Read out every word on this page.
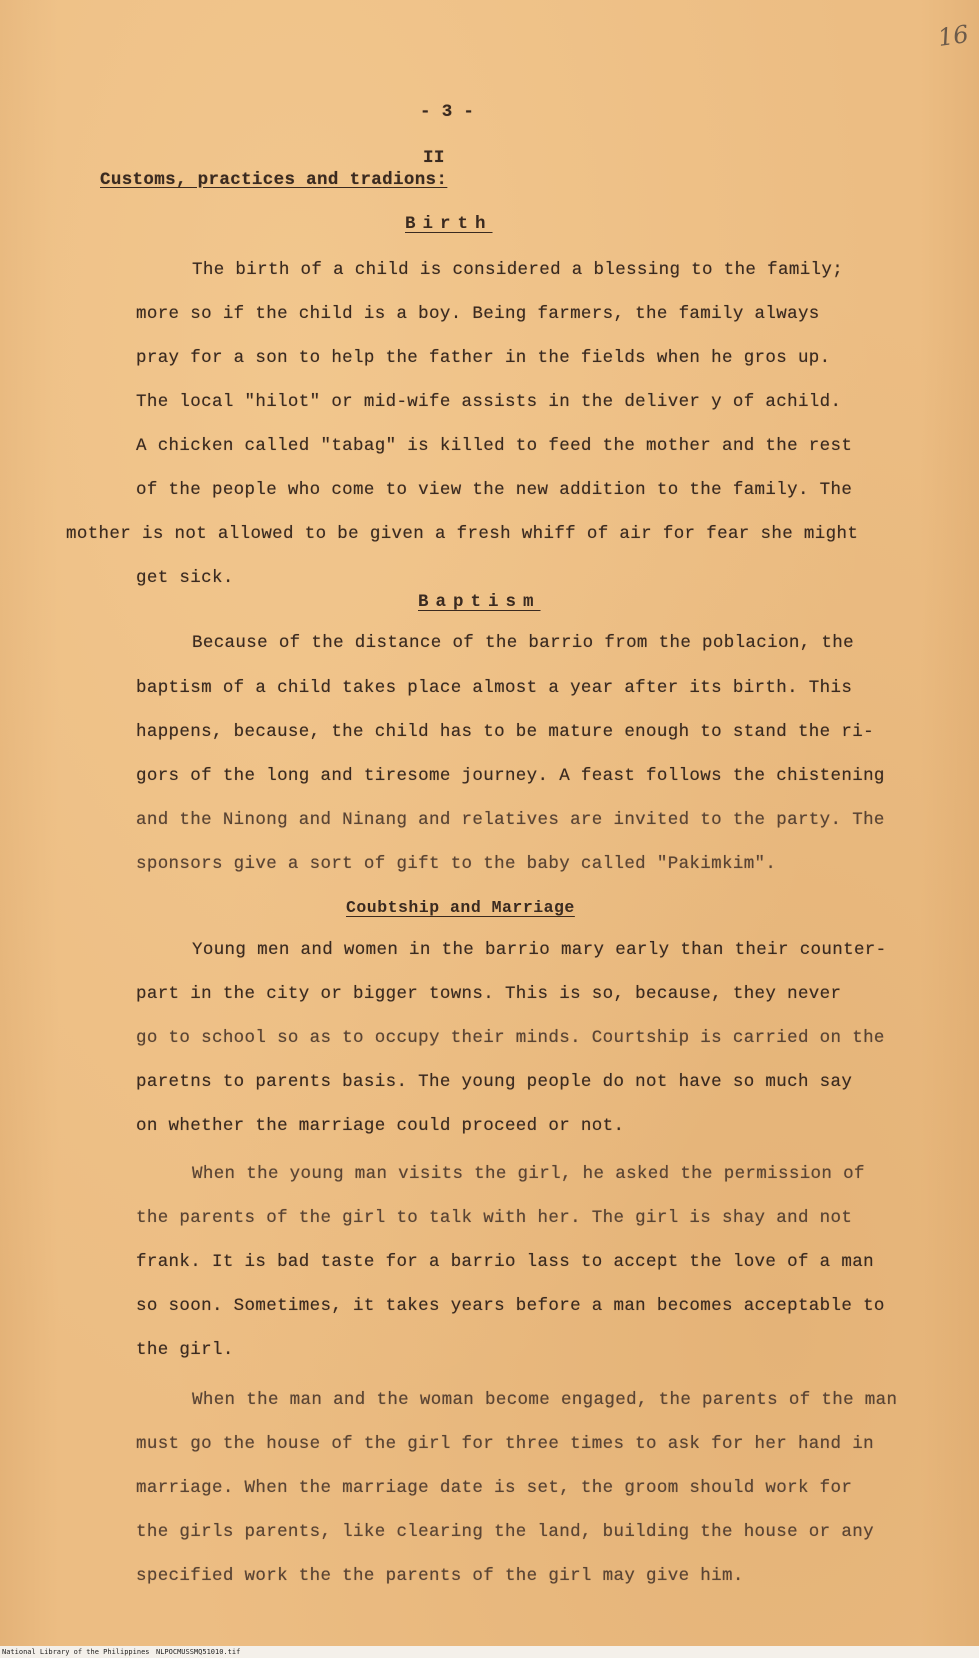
16
- 3 -
II
Customs, practices and tradions:
Birth
The birth of a child is considered a blessing to the family;
more so if the child is a boy. Being farmers, the family always
pray for a son to help the father in the fields when he gros up.
The local "hilot" or mid-wife assists in the deliver y of achild.
A chicken called "tabag" is killed to feed the mother and the rest
of the people who come to view the new addition to the family. The
mother is not allowed to be given a fresh whiff of air for fear she might
get sick.
Baptism
Because of the distance of the barrio from the poblacion, the
baptism of a child takes place almost a year after its birth. This
happens, because, the child has to be mature enough to stand the ri-
gors of the long and tiresome journey. A feast follows the chistening
and the Ninong and Ninang and relatives are invited to the party. The
sponsors give a sort of gift to the baby called "Pakimkim".
Coubtship and Marriage
Young men and women in the barrio mary early than their counter-
part in the city or bigger towns. This is so, because, they never
go to school so as to occupy their minds. Courtship is carried on the
paretns to parents basis. The young people do not have so much say
on whether the marriage could proceed or not.
When the young man visits the girl, he asked the permission of
the parents of the girl to talk with her. The girl is shay and not
frank. It is bad taste for a barrio lass to accept the love of a man
so soon. Sometimes, it takes years before a man becomes acceptable to
the girl.
When the man and the woman become engaged, the parents of the man
must go the house of the girl for three times to ask for her hand in
marriage. When the marriage date is set, the groom should work for
the girls parents, like clearing the land, building the house or any
specified work the the parents of the girl may give him.
National Library of the Philippines NLPOCMUSSMQ51010.tif
